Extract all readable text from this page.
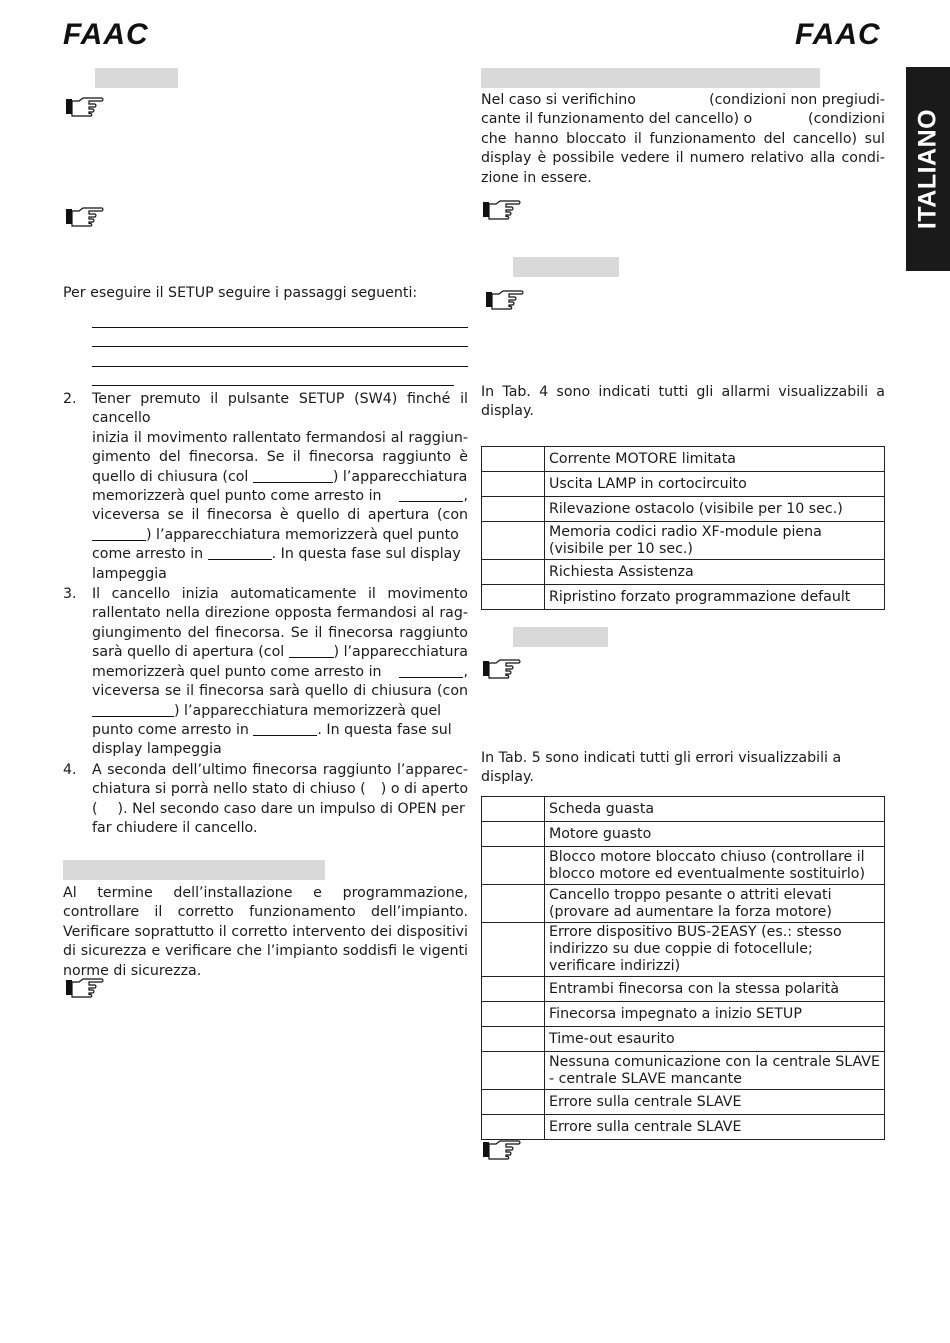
FAAC	FAAC
ITALIANO
Per eseguire il SETUP seguire i passaggi seguenti:
2. Tener premuto il pulsante SETUP (SW4) finché il cancello
inizia il movimento rallentato fermandosi al raggiun-
gimento del finecorsa. Se il finecorsa raggiunto è
quello di chiusura (col	) l’apparecchiatura
memorizzerà quel punto come arresto in	,
viceversa se il finecorsa è quello di apertura (con
) l’apparecchiatura memorizzerà quel punto
come arresto in	. In questa fase sul display
lampeggia
3. Il cancello inizia automaticamente il movimento
rallentato nella direzione opposta fermandosi al rag-
giungimento del finecorsa. Se il finecorsa raggiunto
sarà quello di apertura (col	) l’apparecchiatura
memorizzerà quel punto come arresto in	,
viceversa se il finecorsa sarà quello di chiusura (con
) l’apparecchiatura memorizzerà quel
punto come arresto in	. In questa fase sul
display lampeggia
4. A seconda dell’ultimo finecorsa raggiunto l’apparec-
chiatura si porrà nello stato di chiuso ( ) o di aperto
( ). Nel secondo caso dare un impulso di OPEN per
far chiudere il cancello.
Al termine dell’installazione e programmazione, controllare il corretto funzionamento dell’impianto. Verificare soprattutto il corretto intervento dei dispositivi di sicurezza e verificare che l’impianto soddisfi le vigenti norme di sicurezza.
Nel caso si verifichino	(condizioni non pregiudi-
cante il funzionamento del cancello) o	(condizioni
che hanno bloccato il funzionamento del cancello) sul
display è possibile vedere il numero relativo alla condi-
zione in essere.
In Tab. 4 sono indicati tutti gli allarmi visualizzabili a display.
	Corrente MOTORE limitata
	Uscita LAMP in cortocircuito
	Rilevazione ostacolo (visibile per 10 sec.)
	Memoria codici radio XF-module piena (visibile per 10 sec.)
	Richiesta Assistenza
	Ripristino forzato programmazione default
In Tab. 5 sono indicati tutti gli errori visualizzabili a display.
	Scheda guasta
	Motore guasto
	Blocco motore bloccato chiuso (controllare il blocco motore ed eventualmente sostituirlo)
	Cancello troppo pesante o attriti elevati (provare ad aumentare la forza motore)
	Errore dispositivo BUS-2EASY (es.: stesso indirizzo su due coppie di fotocellule; verificare indirizzi)
	Entrambi finecorsa con la stessa polarità
	Finecorsa impegnato a inizio SETUP
	Time-out esaurito
	Nessuna comunicazione con la centrale SLAVE - centrale SLAVE mancante
	Errore sulla centrale SLAVE
	Errore sulla centrale SLAVE
